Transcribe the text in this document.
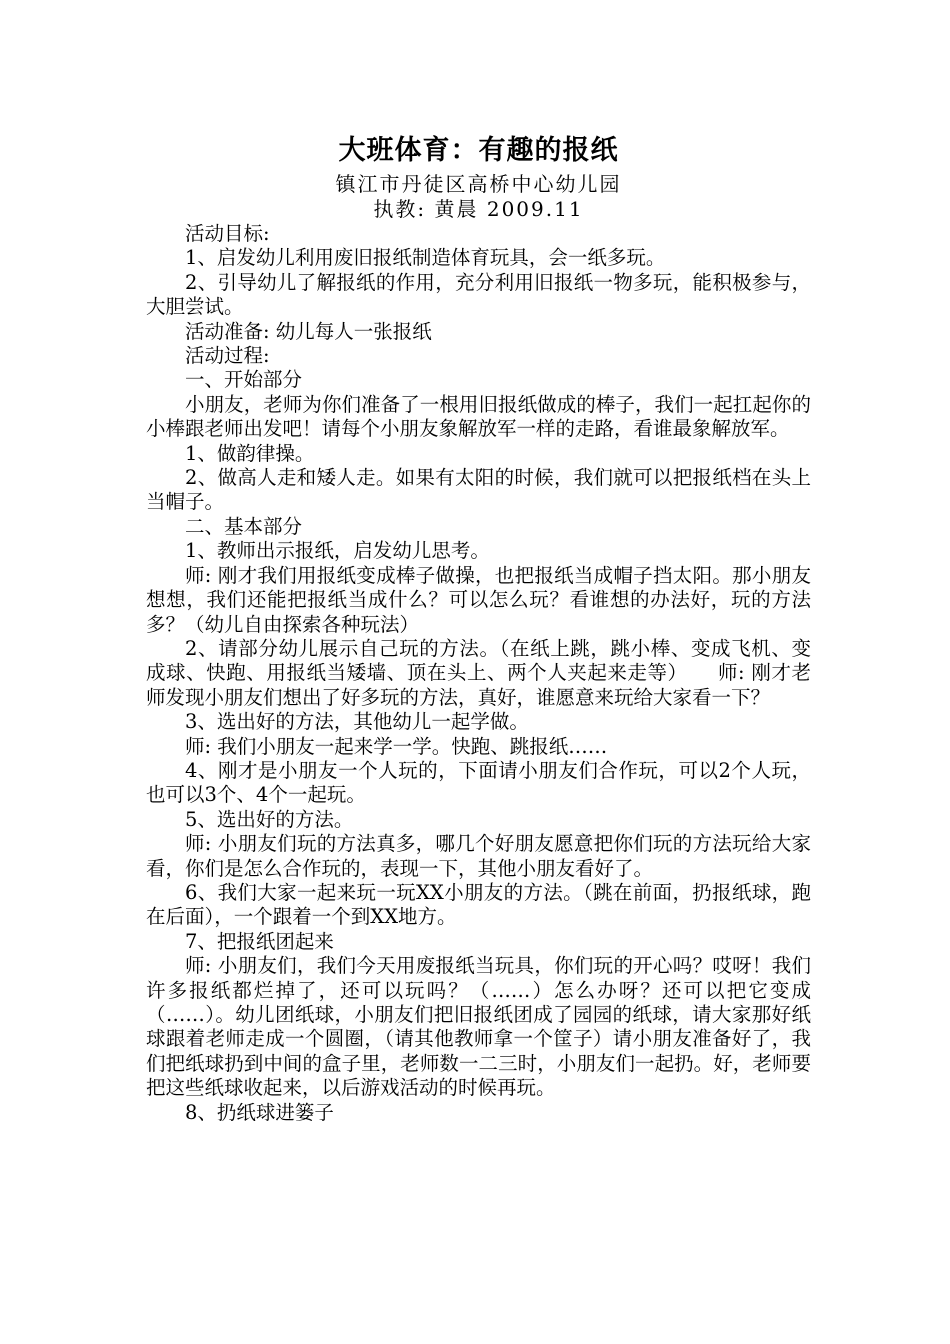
大班体育：有趣的报纸

镇江市丹徒区高桥中心幼儿园

执教: 黄晨 2009.11

活动目标:

1、启发幼儿利用废旧报纸制造体育玩具，会一纸多玩。

2、引导幼儿了解报纸的作用，充分利用旧报纸一物多玩，能积极参与，大胆尝试。

活动准备: 幼儿每人一张报纸

活动过程:

一、开始部分

小朋友，老师为你们准备了一根用旧报纸做成的棒子，我们一起扛起你的小棒跟老师出发吧！请每个小朋友象解放军一样的走路，看谁最象解放军。

1、做韵律操。

2、做高人走和矮人走。如果有太阳的时候，我们就可以把报纸档在头上当帽子。

二、基本部分

1、教师出示报纸，启发幼儿思考。

师: 刚才我们用报纸变成棒子做操，也把报纸当成帽子挡太阳。那小朋友想想，我们还能把报纸当成什么？可以怎么玩？看谁想的办法好，玩的方法多？（幼儿自由探索各种玩法）

2、请部分幼儿展示自己玩的方法。（在纸上跳，跳小棒、变成飞机、变成球、快跑、用报纸当矮墙、顶在头上、两个人夹起来走等）　　师: 刚才老师发现小朋友们想出了好多玩的方法，真好，谁愿意来玩给大家看一下？

3、选出好的方法，其他幼儿一起学做。

师: 我们小朋友一起来学一学。快跑、跳报纸……

4、刚才是小朋友一个人玩的，下面请小朋友们合作玩，可以2个人玩，也可以3个、4个一起玩。

5、选出好的方法。

师: 小朋友们玩的方法真多，哪几个好朋友愿意把你们玩的方法玩给大家看，你们是怎么合作玩的，表现一下，其他小朋友看好了。

6、我们大家一起来玩一玩XX小朋友的方法。（跳在前面，扔报纸球，跑在后面），一个跟着一个到XX地方。

7、把报纸团起来

师: 小朋友们，我们今天用废报纸当玩具，你们玩的开心吗？哎呀！我们许多报纸都烂掉了，还可以玩吗？（……）怎么办呀？还可以把它变成（……）。幼儿团纸球，小朋友们把旧报纸团成了园园的纸球，请大家那好纸球跟着老师走成一个圆圈，（请其他教师拿一个筐子）请小朋友准备好了，我们把纸球扔到中间的盒子里，老师数一二三时，小朋友们一起扔。好，老师要把这些纸球收起来，以后游戏活动的时候再玩。

8、扔纸球进篓子
